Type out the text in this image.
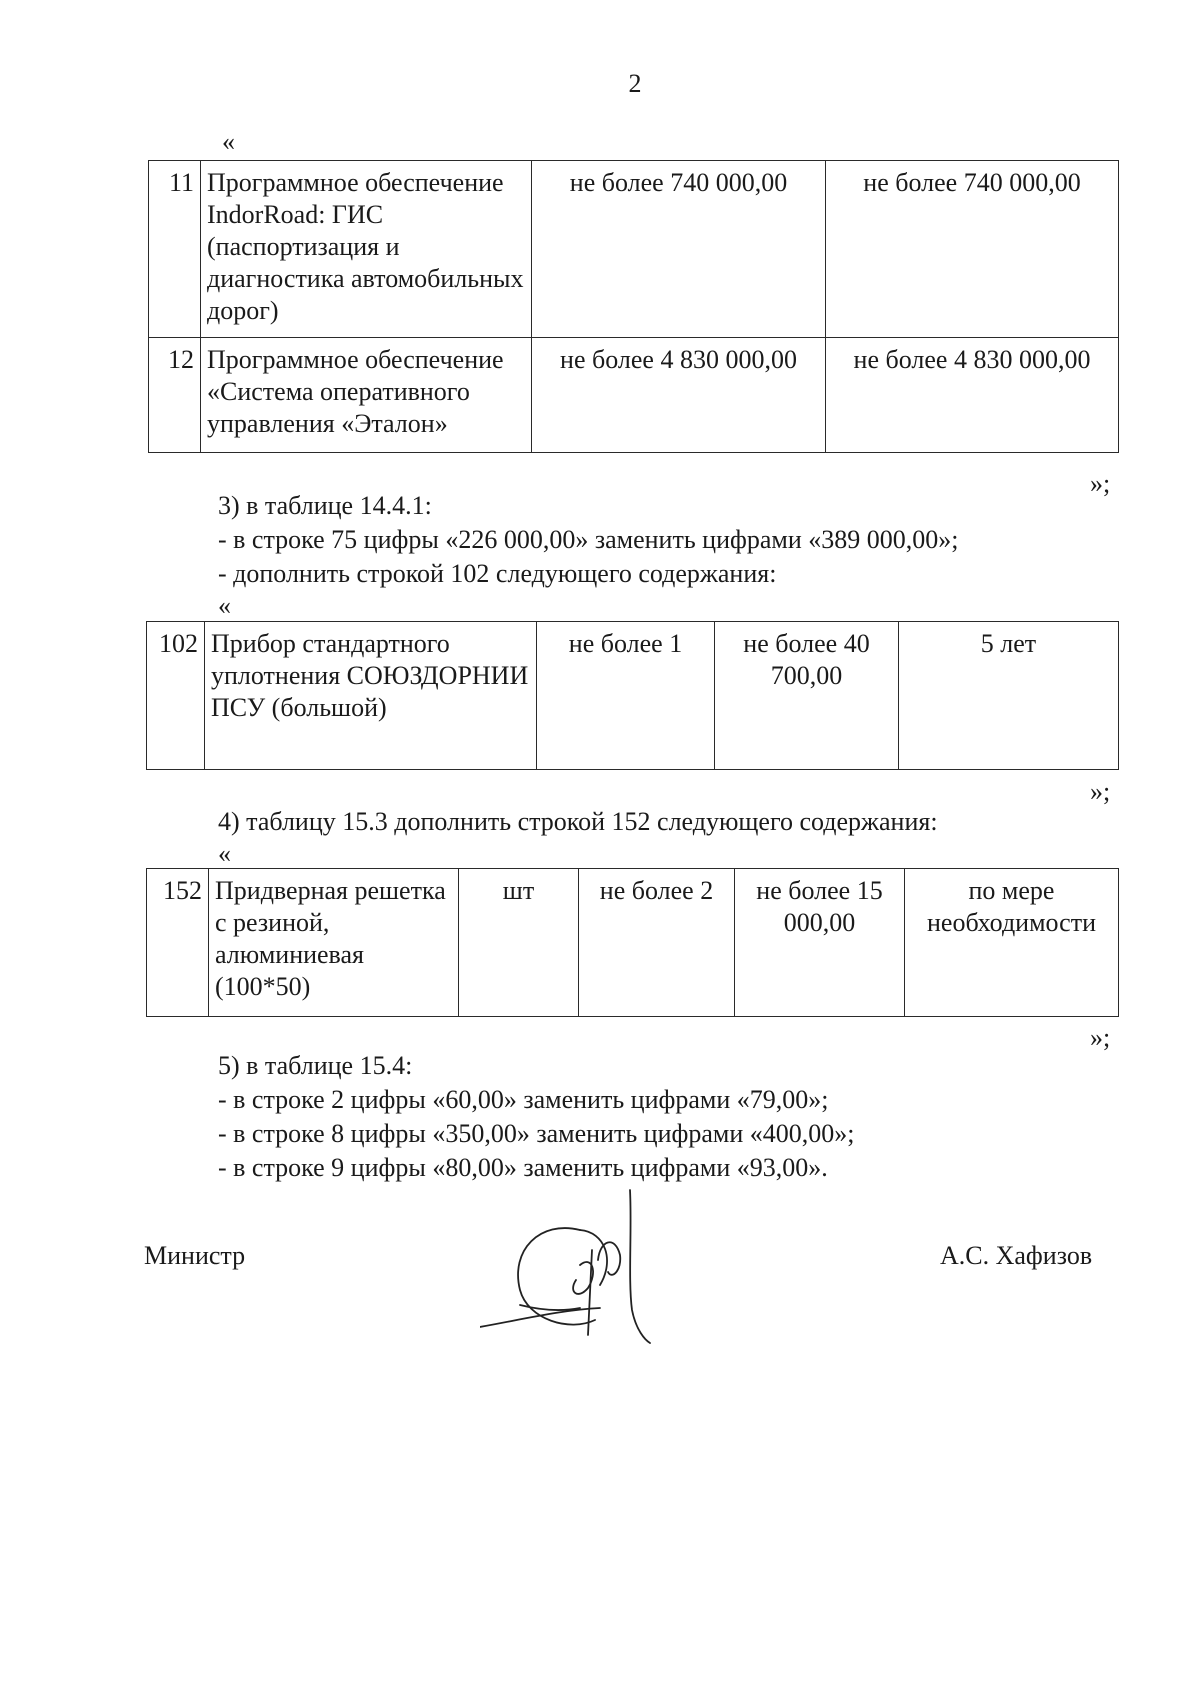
2
«
11	Программное обеспечение IndorRoad: ГИС (паспортизация и диагностика автомобильных дорог)	не более 740 000,00	не более 740 000,00
12	Программное обеспечение «Система оперативного управления «Эталон»	не более 4 830 000,00	не более 4 830 000,00
»;
3) в таблице 14.4.1:
- в строке 75 цифры «226 000,00» заменить цифрами «389 000,00»;
- дополнить строкой 102 следующего содержания:
«
102	Прибор стандартного уплотнения СОЮЗДОРНИИ ПСУ (большой)	не более 1	не более 40 700,00	5 лет
»;
4) таблицу 15.3 дополнить строкой 152 следующего содержания:
«
152	Придверная решетка с резиной, алюминиевая (100*50)	шт	не более 2	не более 15 000,00	по мере необходимости
»;
5) в таблице 15.4:
- в строке 2 цифры «60,00» заменить цифрами «79,00»;
- в строке 8 цифры «350,00» заменить цифрами «400,00»;
- в строке 9 цифры «80,00» заменить цифрами «93,00».
Министр	А.С. Хафизов
